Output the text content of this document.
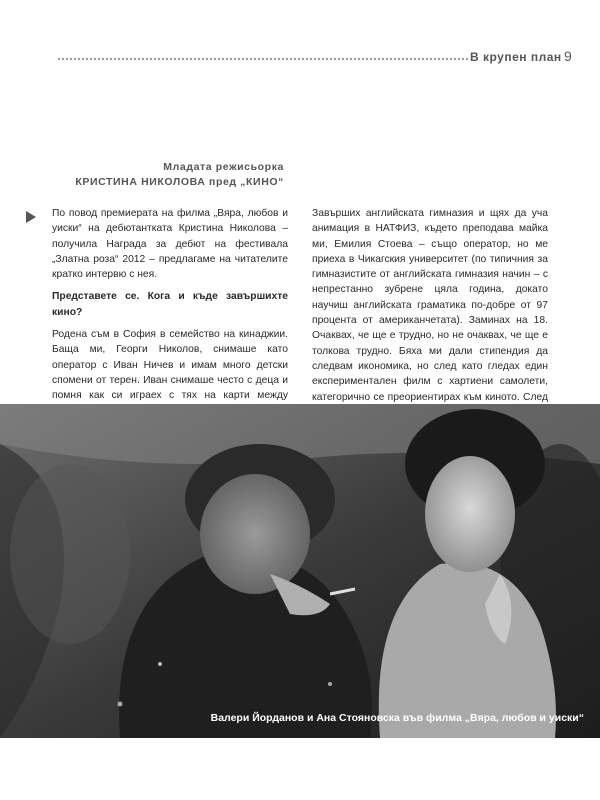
В крупен план 9
Младата режисьорка
КРИСТИНА НИКОЛОВА пред „КИНО“

По повод премиерата на филма „Вяра, любов и уиски“ на дебютантката Кристина Николова – получила Награда за дебют на фестивала „Златна роза“ 2012 – предлагаме на читателите кратко интервю с нея.

Представете се. Кога и къде завършихте кино?

Родена съм в София в семейство на кинаджии. Баща ми, Георги Николов, снимаше като оператор с Иван Ничев и имам много детски спомени от терен. Иван снимаше често с деца и помня как си играех с тях на карти между

Завърших английската гимназия и щях да уча анимация в НАТФИЗ, където преподава майка ми, Емилия Стоева – също оператор, но ме приеха в Чикагския университет (по типичния за гимназистите от английската гимназия начин – с непрестанно зубрене цяла година, докато научиш английската граматика по-добре от 97 процента от американчетата). Заминах на 18. Очаквах, че ще е трудно, но не очаквах, че ще е толкова трудно. Бяха ми дали стипендия да следвам икономика, но след като гледах един експериментален филм с хартиени самолети, категорично се преориентирах към киното. След

Валери Йорданов и Ана Стояновска във филма „Вяра, любов и уиски“
